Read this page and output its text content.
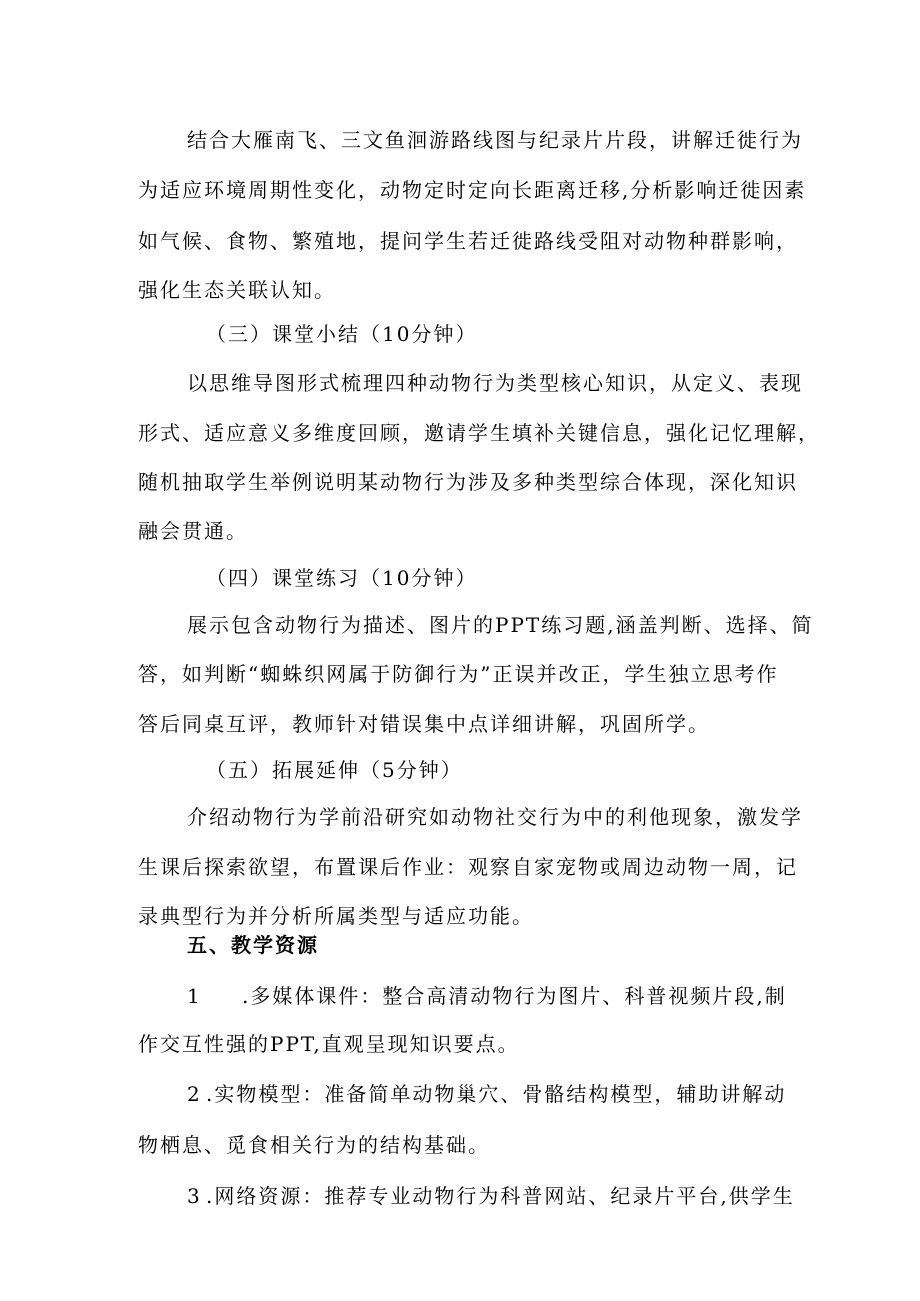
结合大雁南飞、三文鱼洄游路线图与纪录片片段，讲解迁徙行为

为适应环境周期性变化，动物定时定向长距离迁移,分析影响迁徙因素

如气候、食物、繁殖地，提问学生若迁徙路线受阻对动物种群影响，

强化生态关联认知。

（三）课堂小结（10分钟）

以思维导图形式梳理四种动物行为类型核心知识，从定义、表现

形式、适应意义多维度回顾，邀请学生填补关键信息，强化记忆理解，

随机抽取学生举例说明某动物行为涉及多种类型综合体现，深化知识

融会贯通。

（四）课堂练习（10分钟）

展示包含动物行为描述、图片的PPT练习题,涵盖判断、选择、简

答，如判断“蜘蛛织网属于防御行为”正误并改正，学生独立思考作

答后同桌互评，教师针对错误集中点详细讲解，巩固所学。

（五）拓展延伸（5分钟）

介绍动物行为学前沿研究如动物社交行为中的利他现象，激发学

生课后探索欲望，布置课后作业：观察自家宠物或周边动物一周，记

录典型行为并分析所属类型与适应功能。

五、教学资源

1 .多媒体课件：整合高清动物行为图片、科普视频片段,制

作交互性强的PPT,直观呈现知识要点。

2 .实物模型：准备简单动物巢穴、骨骼结构模型，辅助讲解动

物栖息、觅食相关行为的结构基础。

3 .网络资源：推荐专业动物行为科普网站、纪录片平台,供学生
